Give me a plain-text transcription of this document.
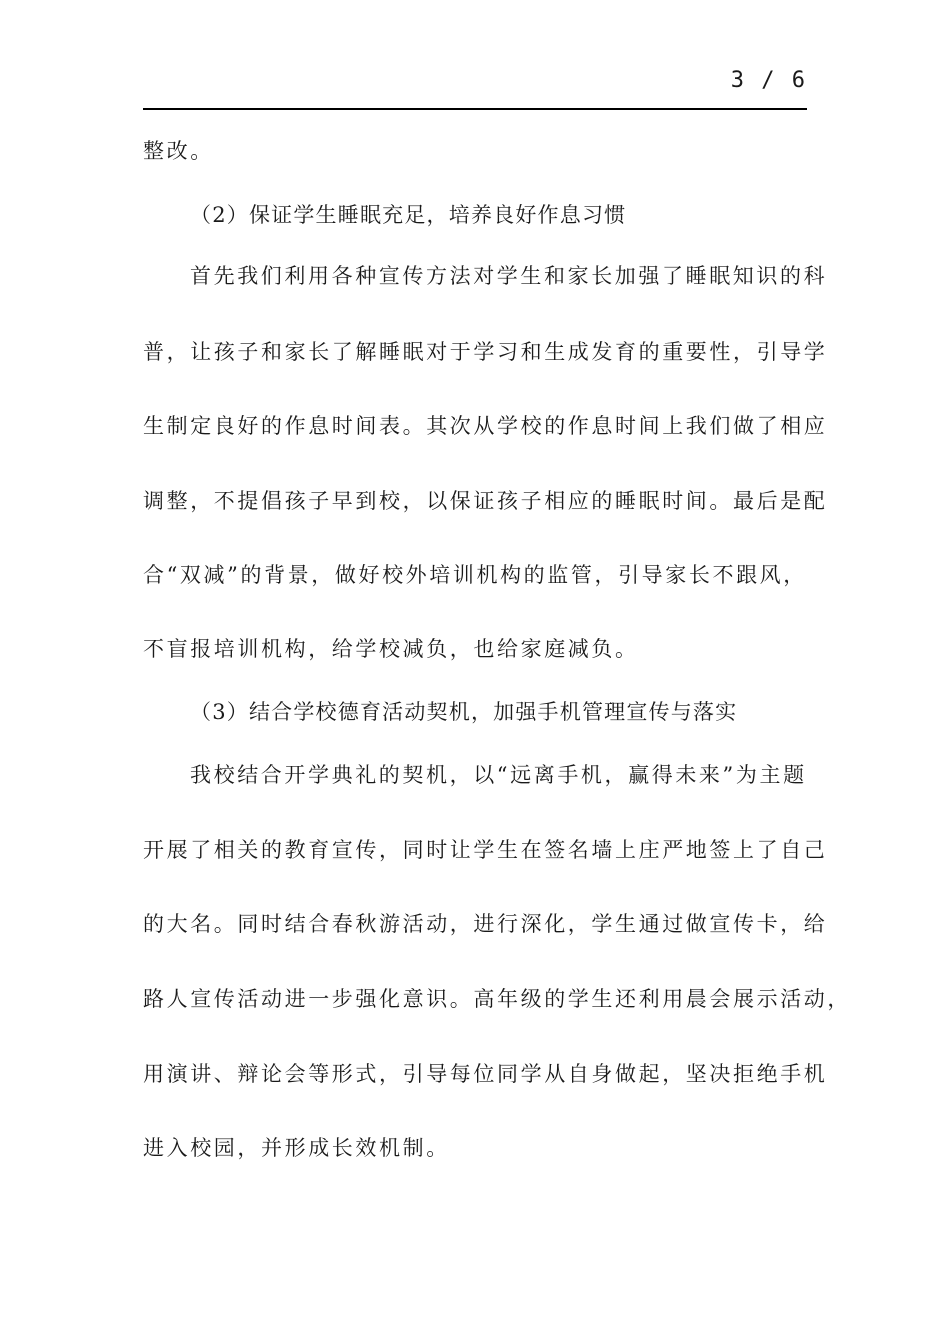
3 / 6
整改。
（2）保证学生睡眠充足，培养良好作息习惯
首先我们利用各种宣传方法对学生和家长加强了睡眠知识的科
普，让孩子和家长了解睡眠对于学习和生成发育的重要性，引导学
生制定良好的作息时间表。其次从学校的作息时间上我们做了相应
调整，不提倡孩子早到校，以保证孩子相应的睡眠时间。最后是配
合“双减”的背景，做好校外培训机构的监管，引导家长不跟风，
不盲报培训机构，给学校减负，也给家庭减负。
（3）结合学校德育活动契机，加强手机管理宣传与落实
我校结合开学典礼的契机，以“远离手机，赢得未来”为主题
开展了相关的教育宣传，同时让学生在签名墙上庄严地签上了自己
的大名。同时结合春秋游活动，进行深化，学生通过做宣传卡，给
路人宣传活动进一步强化意识。高年级的学生还利用晨会展示活动，
用演讲、辩论会等形式，引导每位同学从自身做起，坚决拒绝手机
进入校园，并形成长效机制。
